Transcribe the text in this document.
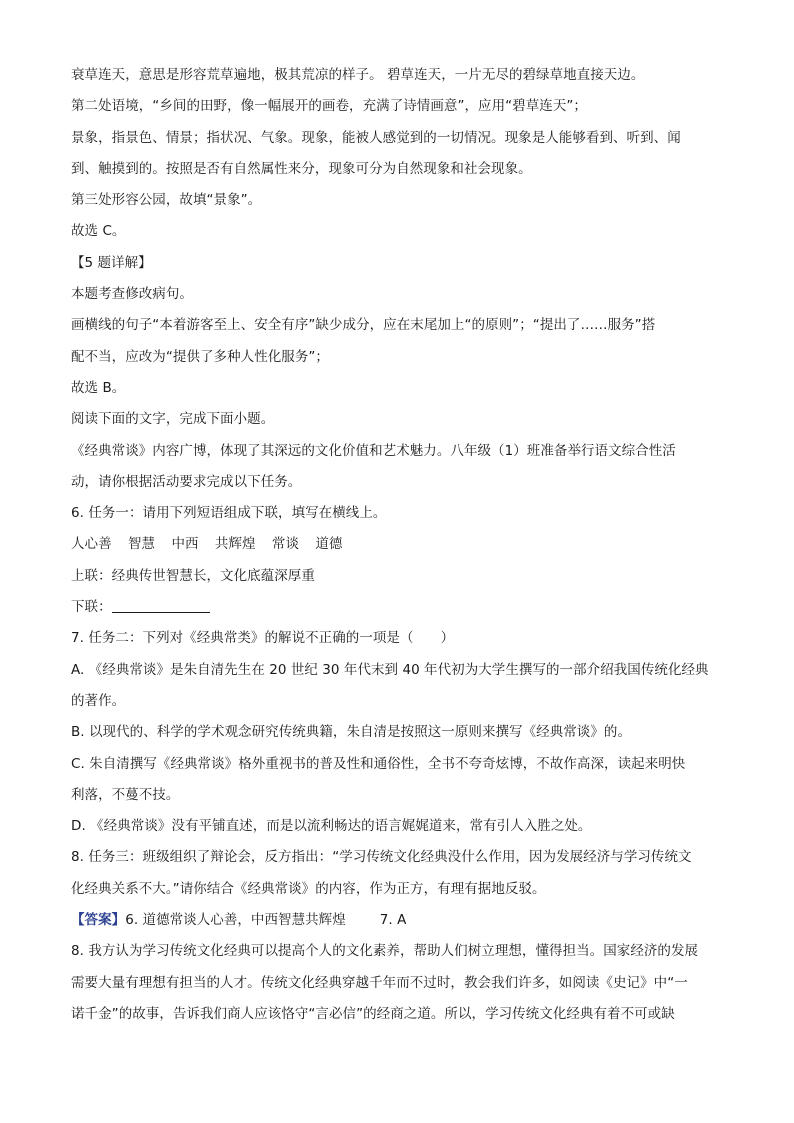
衰草连天，意思是形容荒草遍地，极其荒凉的样子。 碧草连天，一片无尽的碧绿草地直接天边。
第二处语境，“乡间的田野，像一幅展开的画卷，充满了诗情画意”，应用“碧草连天”；
景象，指景色、情景；指状况、气象。现象，能被人感觉到的一切情况。现象是人能够看到、听到、闻
到、触摸到的。按照是否有自然属性来分，现象可分为自然现象和社会现象。
第三处形容公园，故填“景象”。
故选 C。
【5 题详解】
本题考查修改病句。
画横线的句子“本着游客至上、安全有序”缺少成分，应在末尾加上“的原则”；“提出了……服务”搭
配不当，应改为“提供了多种人性化服务”；
故选 B。
阅读下面的文字，完成下面小题。
《经典常谈》内容广博，体现了其深远的文化价值和艺术魅力。八年级（1）班准备举行语文综合性活
动，请你根据活动要求完成以下任务。
6. 任务一：请用下列短语组成下联，填写在横线上。
人心善 智慧 中西 共辉煌 常谈 道德
上联：经典传世智慧长，文化底蕴深厚重
下联：
7. 任务二：下列对《经典常类》的解说不正确的一项是（　　）
A. 《经典常谈》是朱自清先生在 20 世纪 30 年代末到 40 年代初为大学生撰写的一部介绍我国传统化经典
的著作。
B. 以现代的、科学的学术观念研究传统典籍，朱自清是按照这一原则来撰写《经典常谈》的。
C. 朱自清撰写《经典常谈》格外重视书的普及性和通俗性，全书不夸奇炫博，不故作高深，读起来明快
利落，不蔓不技。
D. 《经典常谈》没有平铺直述，而是以流利畅达的语言娓娓道来，常有引人入胜之处。
8. 任务三：班级组织了辩论会，反方指出：“学习传统文化经典没什么作用，因为发展经济与学习传统文
化经典关系不大。”请你结合《经典常谈》的内容，作为正方，有理有据地反驳。
【答案】6. 道德常谈人心善，中西智慧共辉煌	7. A
8. 我方认为学习传统文化经典可以提高个人的文化素养，帮助人们树立理想，懂得担当。国家经济的发展
需要大量有理想有担当的人才。传统文化经典穿越千年而不过时，教会我们许多，如阅读《史记》中“一
诺千金”的故事，告诉我们商人应该恪守“言必信”的经商之道。所以，学习传统文化经典有着不可或缺
